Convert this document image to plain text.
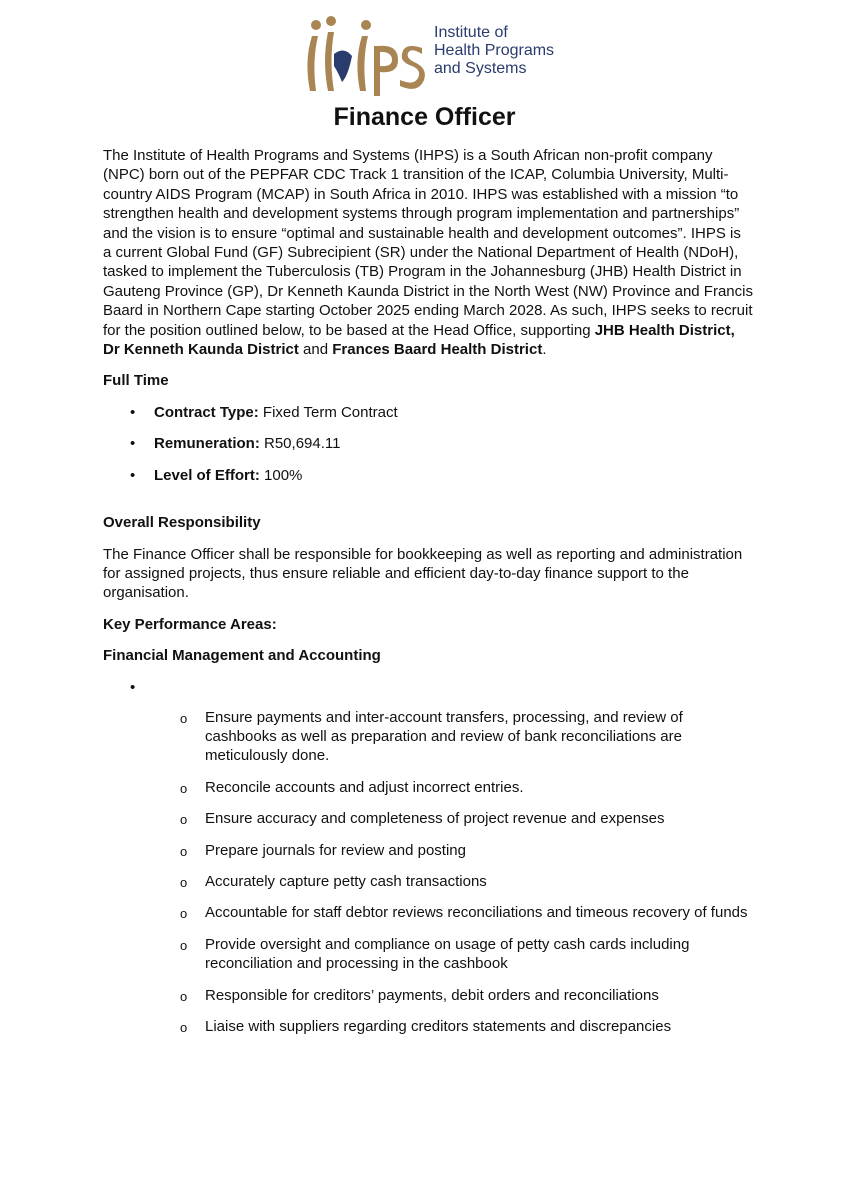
Institute of
Health Programs
and Systems
Finance Officer

The Institute of Health Programs and Systems (IHPS) is a South African non-profit company (NPC) born out of the PEPFAR CDC Track 1 transition of the ICAP, Columbia University, Multi-country AIDS Program (MCAP) in South Africa in 2010. IHPS was established with a mission “to strengthen health and development systems through program implementation and partnerships” and the vision is to ensure “optimal and sustainable health and development outcomes”. IHPS is a current Global Fund (GF) Subrecipient (SR) under the National Department of Health (NDoH), tasked to implement the Tuberculosis (TB) Program in the Johannesburg (JHB) Health District in Gauteng Province (GP), Dr Kenneth Kaunda District in the North West (NW) Province and Francis Baard in Northern Cape starting October 2025 ending March 2028. As such, IHPS seeks to recruit for the position outlined below, to be based at the Head Office, supporting JHB Health District, Dr Kenneth Kaunda District and Frances Baard Health District.

Full Time

• Contract Type: Fixed Term Contract
• Remuneration: R50,694.11
• Level of Effort: 100%

Overall Responsibility

The Finance Officer shall be responsible for bookkeeping as well as reporting and administration for assigned projects, thus ensure reliable and efficient day-to-day finance support to the organisation.

Key Performance Areas:

Financial Management and Accounting

•
o Ensure payments and inter-account transfers, processing, and review of cashbooks as well as preparation and review of bank reconciliations are meticulously done.
o Reconcile accounts and adjust incorrect entries.
o Ensure accuracy and completeness of project revenue and expenses
o Prepare journals for review and posting
o Accurately capture petty cash transactions
o Accountable for staff debtor reviews reconciliations and timeous recovery of funds
o Provide oversight and compliance on usage of petty cash cards including reconciliation and processing in the cashbook
o Responsible for creditors’ payments, debit orders and reconciliations
o Liaise with suppliers regarding creditors statements and discrepancies
